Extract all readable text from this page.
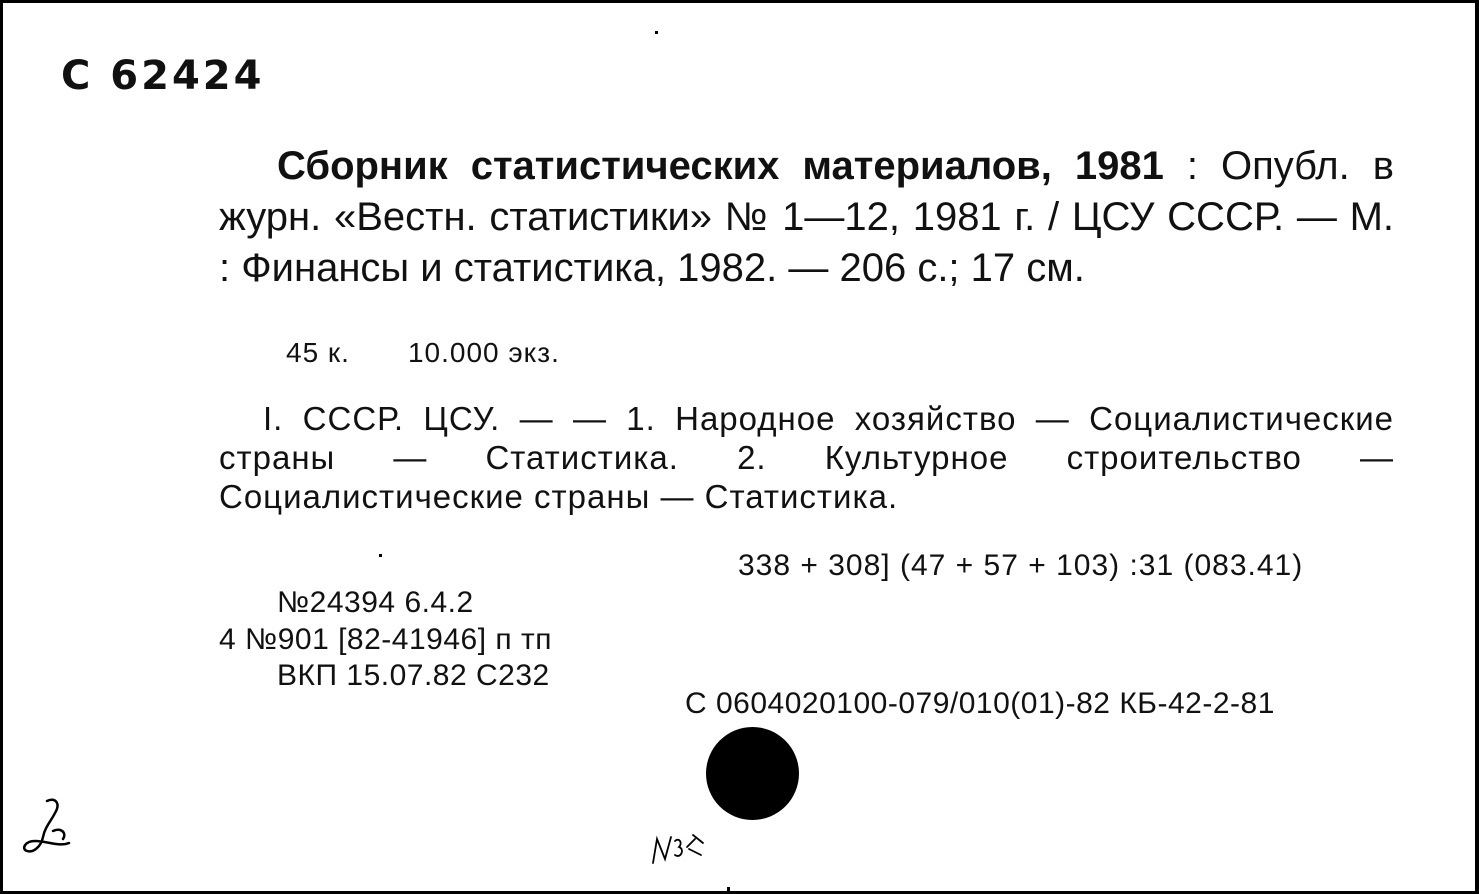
С 62424
Сборник статистических материалов, 1981 : Опубл. в журн. «Вестн. статистики» № 1—12, 1981 г. / ЦСУ СССР. — М. : Финансы и статистика, 1982. — 206 с.; 17 см.
45 к. 10.000 экз.
I. СССР. ЦСУ. — — 1. Народное хозяйство — Социалистические страны — Статистика. 2. Культурное строительство — Социалистические страны — Статистика.
338 + 308] (47 + 57 + 103) :31 (083.41)
№24394 6.4.2
4 №901 [82-41946] п тп
ВКП 15.07.82 С232
С 0604020100-079/010(01)-82 КБ-42-2-81
